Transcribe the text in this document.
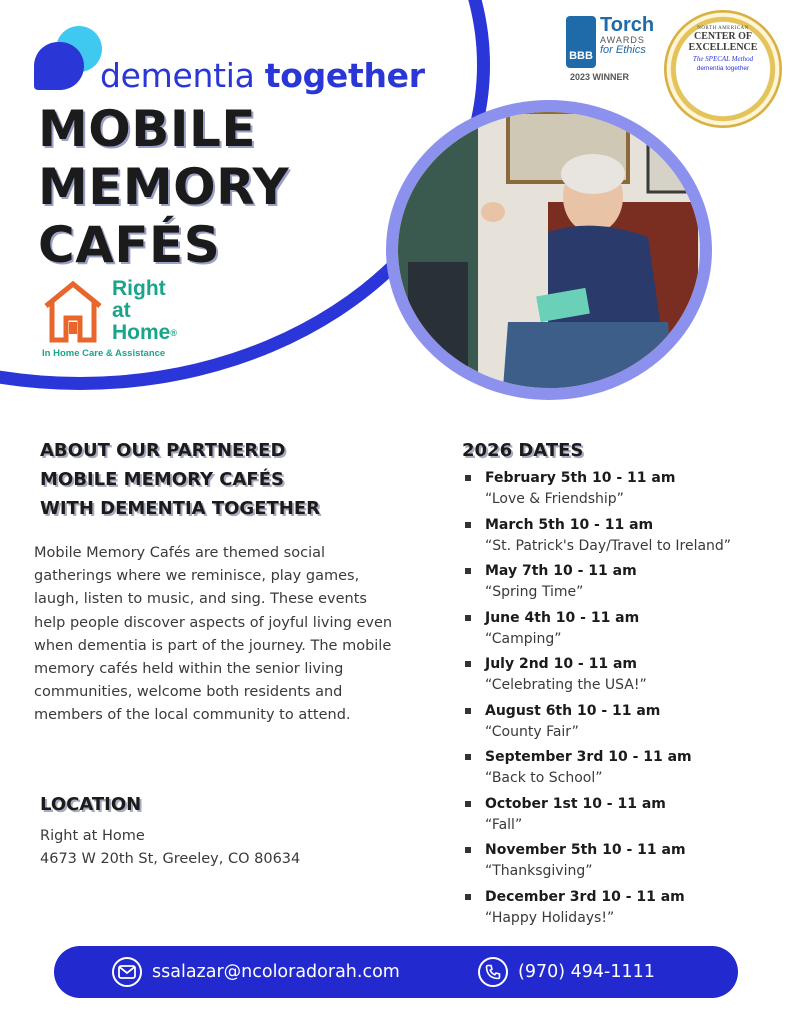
dementia together	BBB
Torch
AWARDS
for Ethics
2023 WINNER
NORTH AMERICAN
CENTER OF EXCELLENCE
The SPECAL Method
dementia together
MOBILE
MEMORY
CAFÉS
Right
at
Home®
In Home Care & Assistance
ABOUT OUR PARTNERED
MOBILE MEMORY CAFÉS
WITH DEMENTIA TOGETHER

Mobile Memory Cafés are themed social gatherings where we reminisce, play games, laugh, listen to music, and sing. These events help people discover aspects of joyful living even when dementia is part of the journey. The mobile memory cafés held within the senior living communities, welcome both residents and members of the local community to attend.

LOCATION
Right at Home
4673 W 20th St, Greeley, CO 80634
2026 DATES
February 5th 10 - 11 am
“Love & Friendship”
March 5th 10 - 11 am
“St. Patrick's Day/Travel to Ireland”
May 7th 10 - 11 am
“Spring Time”
June 4th 10 - 11 am
“Camping”
July 2nd 10 - 11 am
“Celebrating the USA!”
August 6th 10 - 11 am
“County Fair”
September 3rd 10 - 11 am
“Back to School”
October 1st 10 - 11 am
“Fall”
November 5th 10 - 11 am
“Thanksgiving”
December 3rd 10 - 11 am
“Happy Holidays!”
ssalazar@ncoloradorah.com	(970) 494-1111
